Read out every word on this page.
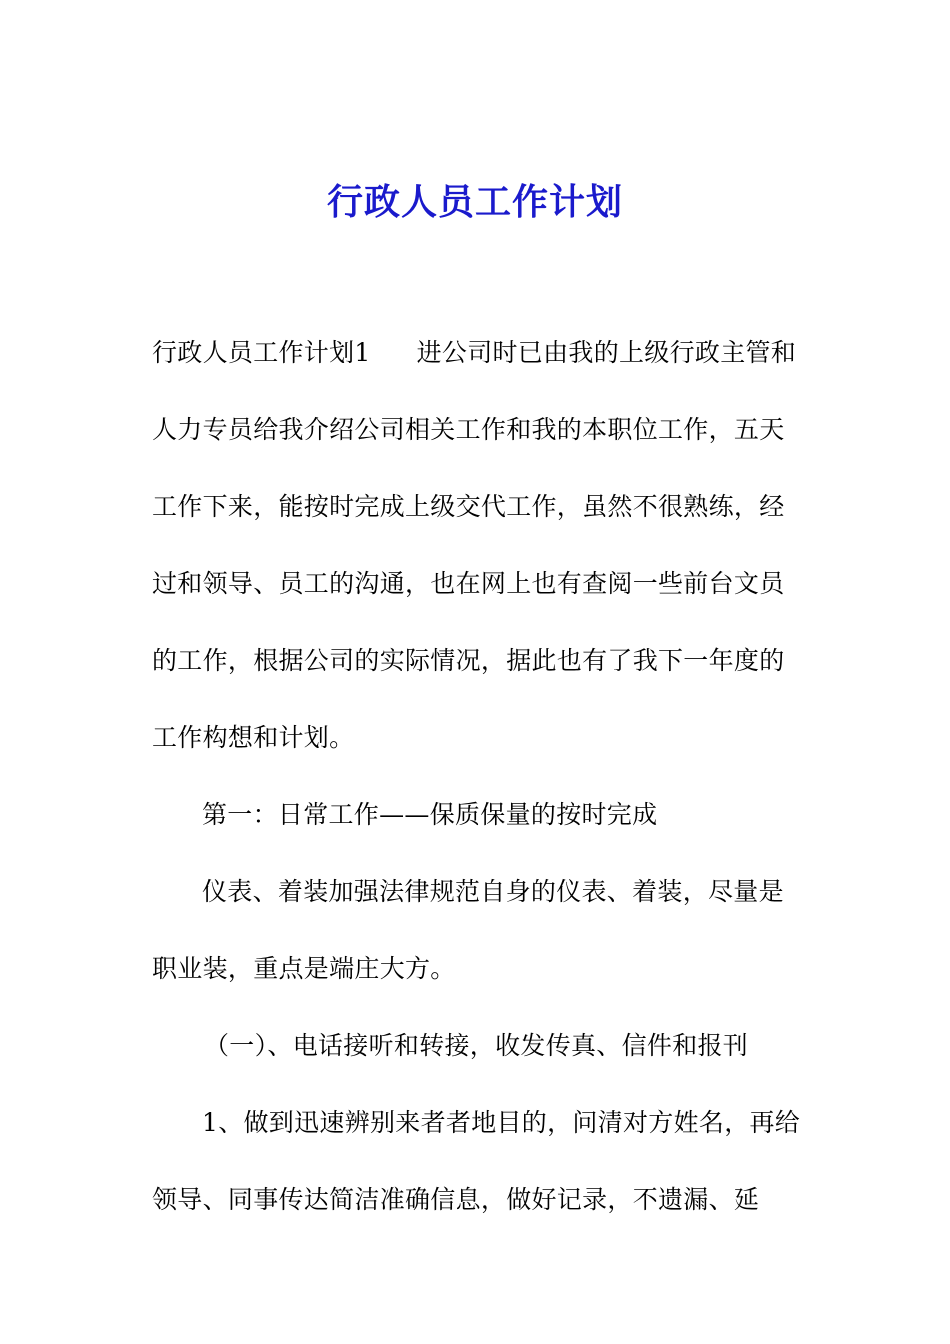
行政人员工作计划
行政人员工作计划1 进公司时已由我的上级行政主管和
人力专员给我介绍公司相关工作和我的本职位工作，五天
工作下来，能按时完成上级交代工作，虽然不很熟练，经
过和领导、员工的沟通，也在网上也有查阅一些前台文员
的工作，根据公司的实际情况，据此也有了我下一年度的
工作构想和计划。
第一：日常工作——保质保量的按时完成
仪表、着装加强法律规范自身的仪表、着装，尽量是
职业装，重点是端庄大方。
（一）、电话接听和转接，收发传真、信件和报刊
1、做到迅速辨别来者者地目的，问清对方姓名，再给
领导、同事传达简洁准确信息，做好记录，不遗漏、延
